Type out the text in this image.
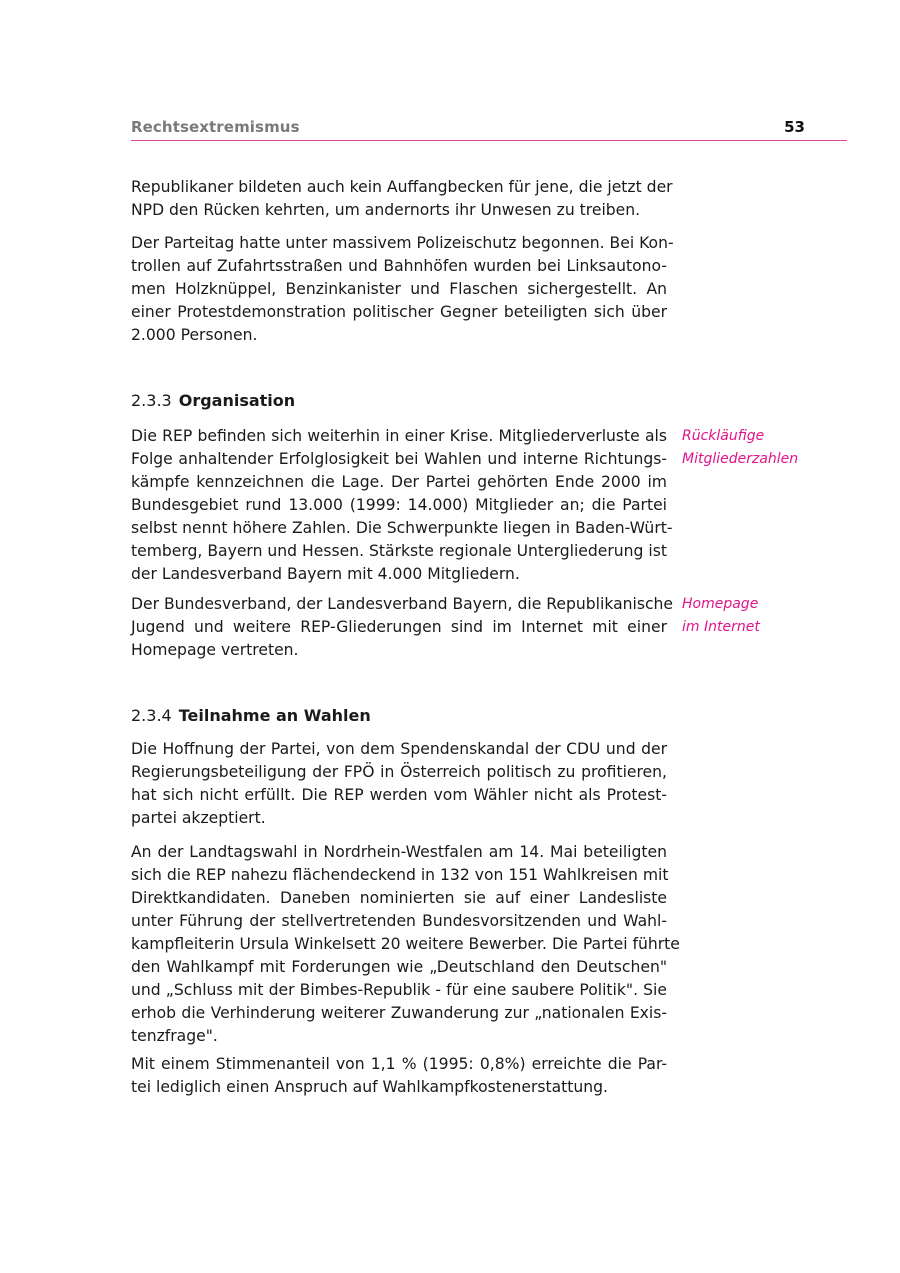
Rechtsextremismus	53

Republikaner bildeten auch kein Auffangbecken für jene, die jetzt der
NPD den Rücken kehrten, um andernorts ihr Unwesen zu treiben.

Der Parteitag hatte unter massivem Polizeischutz begonnen. Bei Kon-
trollen auf Zufahrtsstraßen und Bahnhöfen wurden bei Linksautono-
men Holzknüppel, Benzinkanister und Flaschen sichergestellt. An
einer Protestdemonstration politischer Gegner beteiligten sich über
2.000 Personen.

2.3.3 Organisation

Die REP befinden sich weiterhin in einer Krise. Mitgliederverluste als
Folge anhaltender Erfolglosigkeit bei Wahlen und interne Richtungs-
kämpfe kennzeichnen die Lage. Der Partei gehörten Ende 2000 im
Bundesgebiet rund 13.000 (1999: 14.000) Mitglieder an; die Partei
selbst nennt höhere Zahlen. Die Schwerpunkte liegen in Baden-Würt-
temberg, Bayern und Hessen. Stärkste regionale Untergliederung ist
der Landesverband Bayern mit 4.000 Mitgliedern.

Rückläufige
Mitgliederzahlen

Der Bundesverband, der Landesverband Bayern, die Republikanische
Jugend und weitere REP-Gliederungen sind im Internet mit einer
Homepage vertreten.

Homepage
im Internet
2.3.4 Teilnahme an Wahlen

Die Hoffnung der Partei, von dem Spendenskandal der CDU und der
Regierungsbeteiligung der FPÖ in Österreich politisch zu profitieren,
hat sich nicht erfüllt. Die REP werden vom Wähler nicht als Protest-
partei akzeptiert.

An der Landtagswahl in Nordrhein-Westfalen am 14. Mai beteiligten
sich die REP nahezu flächendeckend in 132 von 151 Wahlkreisen mit
Direktkandidaten. Daneben nominierten sie auf einer Landesliste
unter Führung der stellvertretenden Bundesvorsitzenden und Wahl-
kampfleiterin Ursula Winkelsett 20 weitere Bewerber. Die Partei führte
den Wahlkampf mit Forderungen wie „Deutschland den Deutschen"
und „Schluss mit der Bimbes-Republik - für eine saubere Politik". Sie
erhob die Verhinderung weiterer Zuwanderung zur „nationalen Exis-
tenzfrage".

Mit einem Stimmenanteil von 1,1 % (1995: 0,8%) erreichte die Par-
tei lediglich einen Anspruch auf Wahlkampfkostenerstattung.
